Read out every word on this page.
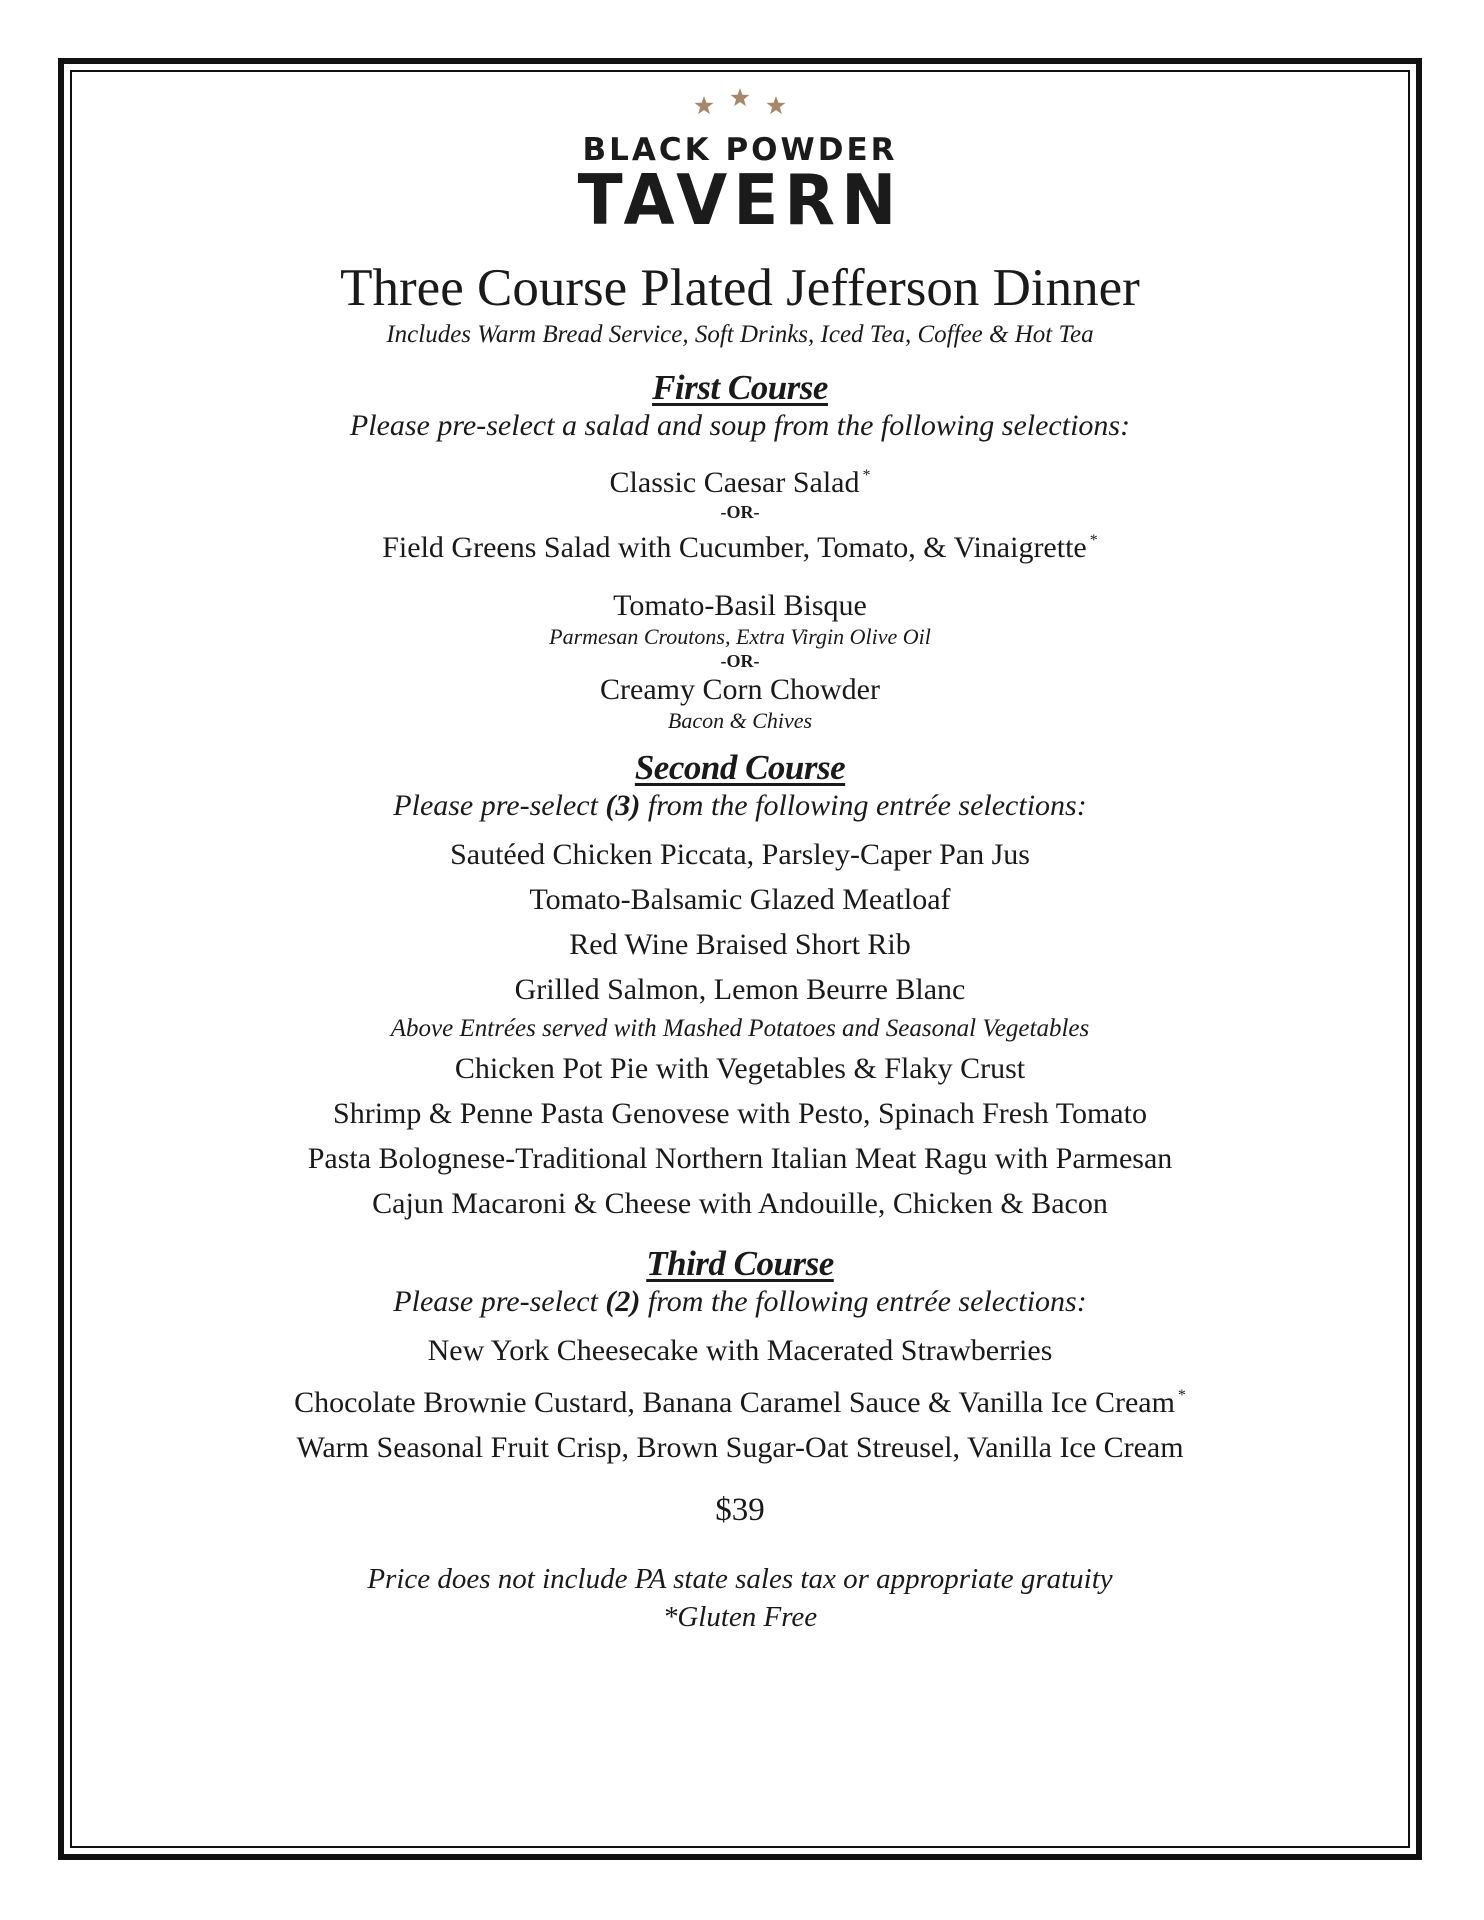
BLACK POWDER
TAVERN
Three Course Plated Jefferson Dinner
Includes Warm Bread Service, Soft Drinks, Iced Tea, Coffee & Hot Tea
First Course
Please pre-select a salad and soup from the following selections:
Classic Caesar Salad *
-OR-
Field Greens Salad with Cucumber, Tomato, & Vinaigrette *
Tomato-Basil Bisque
Parmesan Croutons, Extra Virgin Olive Oil
-OR-
Creamy Corn Chowder
Bacon & Chives
Second Course
Please pre-select (3) from the following entrée selections:
Sautéed Chicken Piccata, Parsley-Caper Pan Jus
Tomato-Balsamic Glazed Meatloaf
Red Wine Braised Short Rib
Grilled Salmon, Lemon Beurre Blanc
Above Entrées served with Mashed Potatoes and Seasonal Vegetables
Chicken Pot Pie with Vegetables & Flaky Crust
Shrimp & Penne Pasta Genovese with Pesto, Spinach Fresh Tomato
Pasta Bolognese-Traditional Northern Italian Meat Ragu with Parmesan
Cajun Macaroni & Cheese with Andouille, Chicken & Bacon
Third Course
Please pre-select (2) from the following entrée selections:
New York Cheesecake with Macerated Strawberries
Chocolate Brownie Custard, Banana Caramel Sauce & Vanilla Ice Cream *
Warm Seasonal Fruit Crisp, Brown Sugar-Oat Streusel, Vanilla Ice Cream
$39
Price does not include PA state sales tax or appropriate gratuity
*Gluten Free
